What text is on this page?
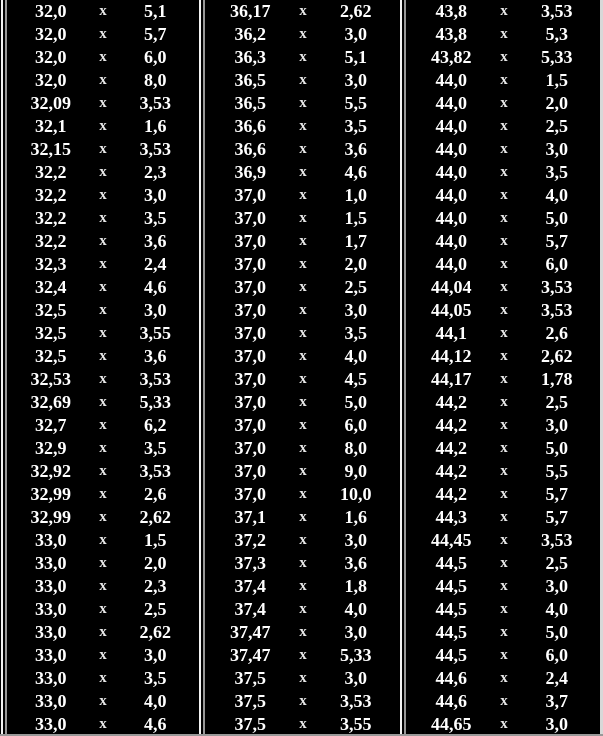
32,0	x	5,1
32,0	x	5,7
32,0	x	6,0
32,0	x	8,0
32,09	x	3,53
32,1	x	1,6
32,15	x	3,53
32,2	x	2,3
32,2	x	3,0
32,2	x	3,5
32,2	x	3,6
32,3	x	2,4
32,4	x	4,6
32,5	x	3,0
32,5	x	3,55
32,5	x	3,6
32,53	x	3,53
32,69	x	5,33
32,7	x	6,2
32,9	x	3,5
32,92	x	3,53
32,99	x	2,6
32,99	x	2,62
33,0	x	1,5
33,0	x	2,0
33,0	x	2,3
33,0	x	2,5
33,0	x	2,62
33,0	x	3,0
33,0	x	3,5
33,0	x	4,0
33,0	x	4,6
36,17	x	2,62
36,2	x	3,0
36,3	x	5,1
36,5	x	3,0
36,5	x	5,5
36,6	x	3,5
36,6	x	3,6
36,9	x	4,6
37,0	x	1,0
37,0	x	1,5
37,0	x	1,7
37,0	x	2,0
37,0	x	2,5
37,0	x	3,0
37,0	x	3,5
37,0	x	4,0
37,0	x	4,5
37,0	x	5,0
37,0	x	6,0
37,0	x	8,0
37,0	x	9,0
37,0	x	10,0
37,1	x	1,6
37,2	x	3,0
37,3	x	3,6
37,4	x	1,8
37,4	x	4,0
37,47	x	3,0
37,47	x	5,33
37,5	x	3,0
37,5	x	3,53
37,5	x	3,55
43,8	x	3,53
43,8	x	5,3
43,82	x	5,33
44,0	x	1,5
44,0	x	2,0
44,0	x	2,5
44,0	x	3,0
44,0	x	3,5
44,0	x	4,0
44,0	x	5,0
44,0	x	5,7
44,0	x	6,0
44,04	x	3,53
44,05	x	3,53
44,1	x	2,6
44,12	x	2,62
44,17	x	1,78
44,2	x	2,5
44,2	x	3,0
44,2	x	5,0
44,2	x	5,5
44,2	x	5,7
44,3	x	5,7
44,45	x	3,53
44,5	x	2,5
44,5	x	3,0
44,5	x	4,0
44,5	x	5,0
44,5	x	6,0
44,6	x	2,4
44,6	x	3,7
44,65	x	3,0
